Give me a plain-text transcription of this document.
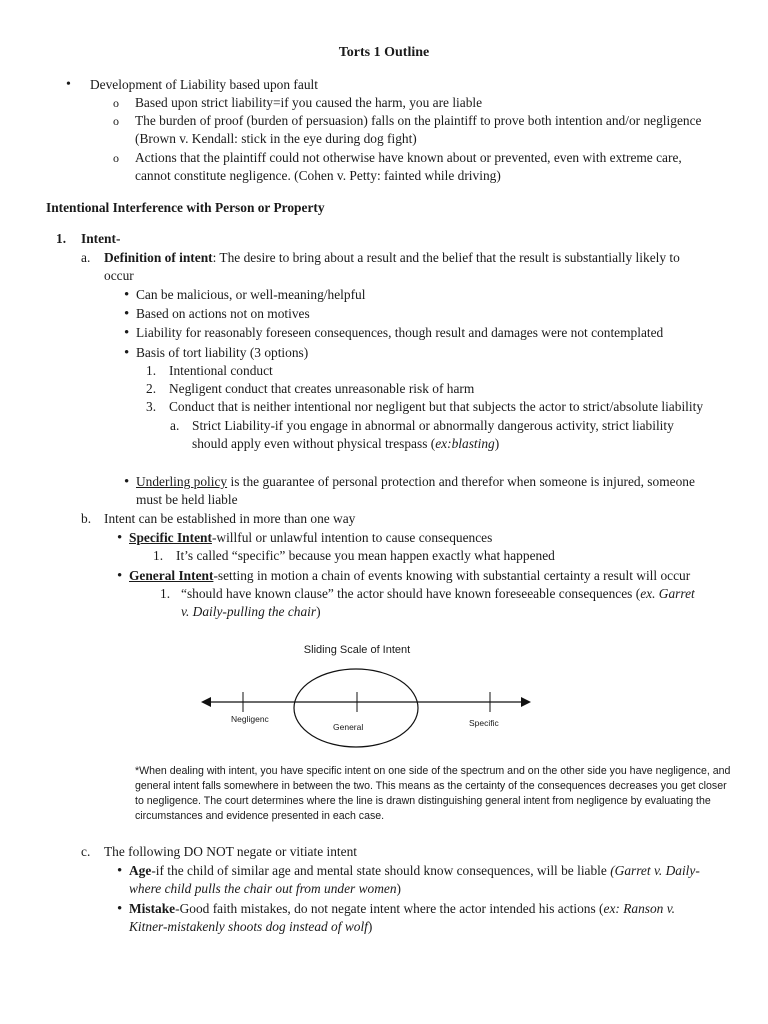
Torts 1 Outline
• Development of Liability based upon fault
o Based upon strict liability=if you caused the harm, you are liable
o The burden of proof (burden of persuasion) falls on the plaintiff to prove both intention and/or negligence
(Brown v. Kendall: stick in the eye during dog fight)
o Actions that the plaintiff could not otherwise have known about or prevented, even with extreme care,
cannot constitute negligence. (Cohen v. Petty: fainted while driving)
Intentional Interference with Person or Property
1. Intent-
a. Definition of intent: The desire to bring about a result and the belief that the result is substantially likely to
occur
• Can be malicious, or well-meaning/helpful
• Based on actions not on motives
• Liability for reasonably foreseen consequences, though result and damages were not contemplated
• Basis of tort liability (3 options)
1. Intentional conduct
2. Negligent conduct that creates unreasonable risk of harm
3. Conduct that is neither intentional nor negligent but that subjects the actor to strict/absolute liability
a. Strict Liability-if you engage in abnormal or abnormally dangerous activity, strict liability
should apply even without physical trespass (ex:blasting)
• Underling policy is the guarantee of personal protection and therefor when someone is injured, someone
must be held liable
b. Intent can be established in more than one way
• Specific Intent-willful or unlawful intention to cause consequences
1. It’s called “specific” because you mean happen exactly what happened
• General Intent-setting in motion a chain of events knowing with substantial certainty a result will occur
1. “should have known clause” the actor should have known foreseeable consequences (ex. Garret
v. Daily-pulling the chair)
Sliding Scale of Intent
Negligenc
General	Specific
*When dealing with intent, you have specific intent on one side of the spectrum and on the other side you have negligence, and general intent falls somewhere in between the two. This means as the certainty of the consequences decreases you get closer to negligence. The court determines where the line is drawn distinguishing general intent from negligence by evaluating the circumstances and evidence presented in each case.
c. The following DO NOT negate or vitiate intent
• Age-if the child of similar age and mental state should know consequences, will be liable (Garret v. Daily-
where child pulls the chair out from under women)
• Mistake-Good faith mistakes, do not negate intent where the actor intended his actions (ex: Ranson v.
Kitner-mistakenly shoots dog instead of wolf)
